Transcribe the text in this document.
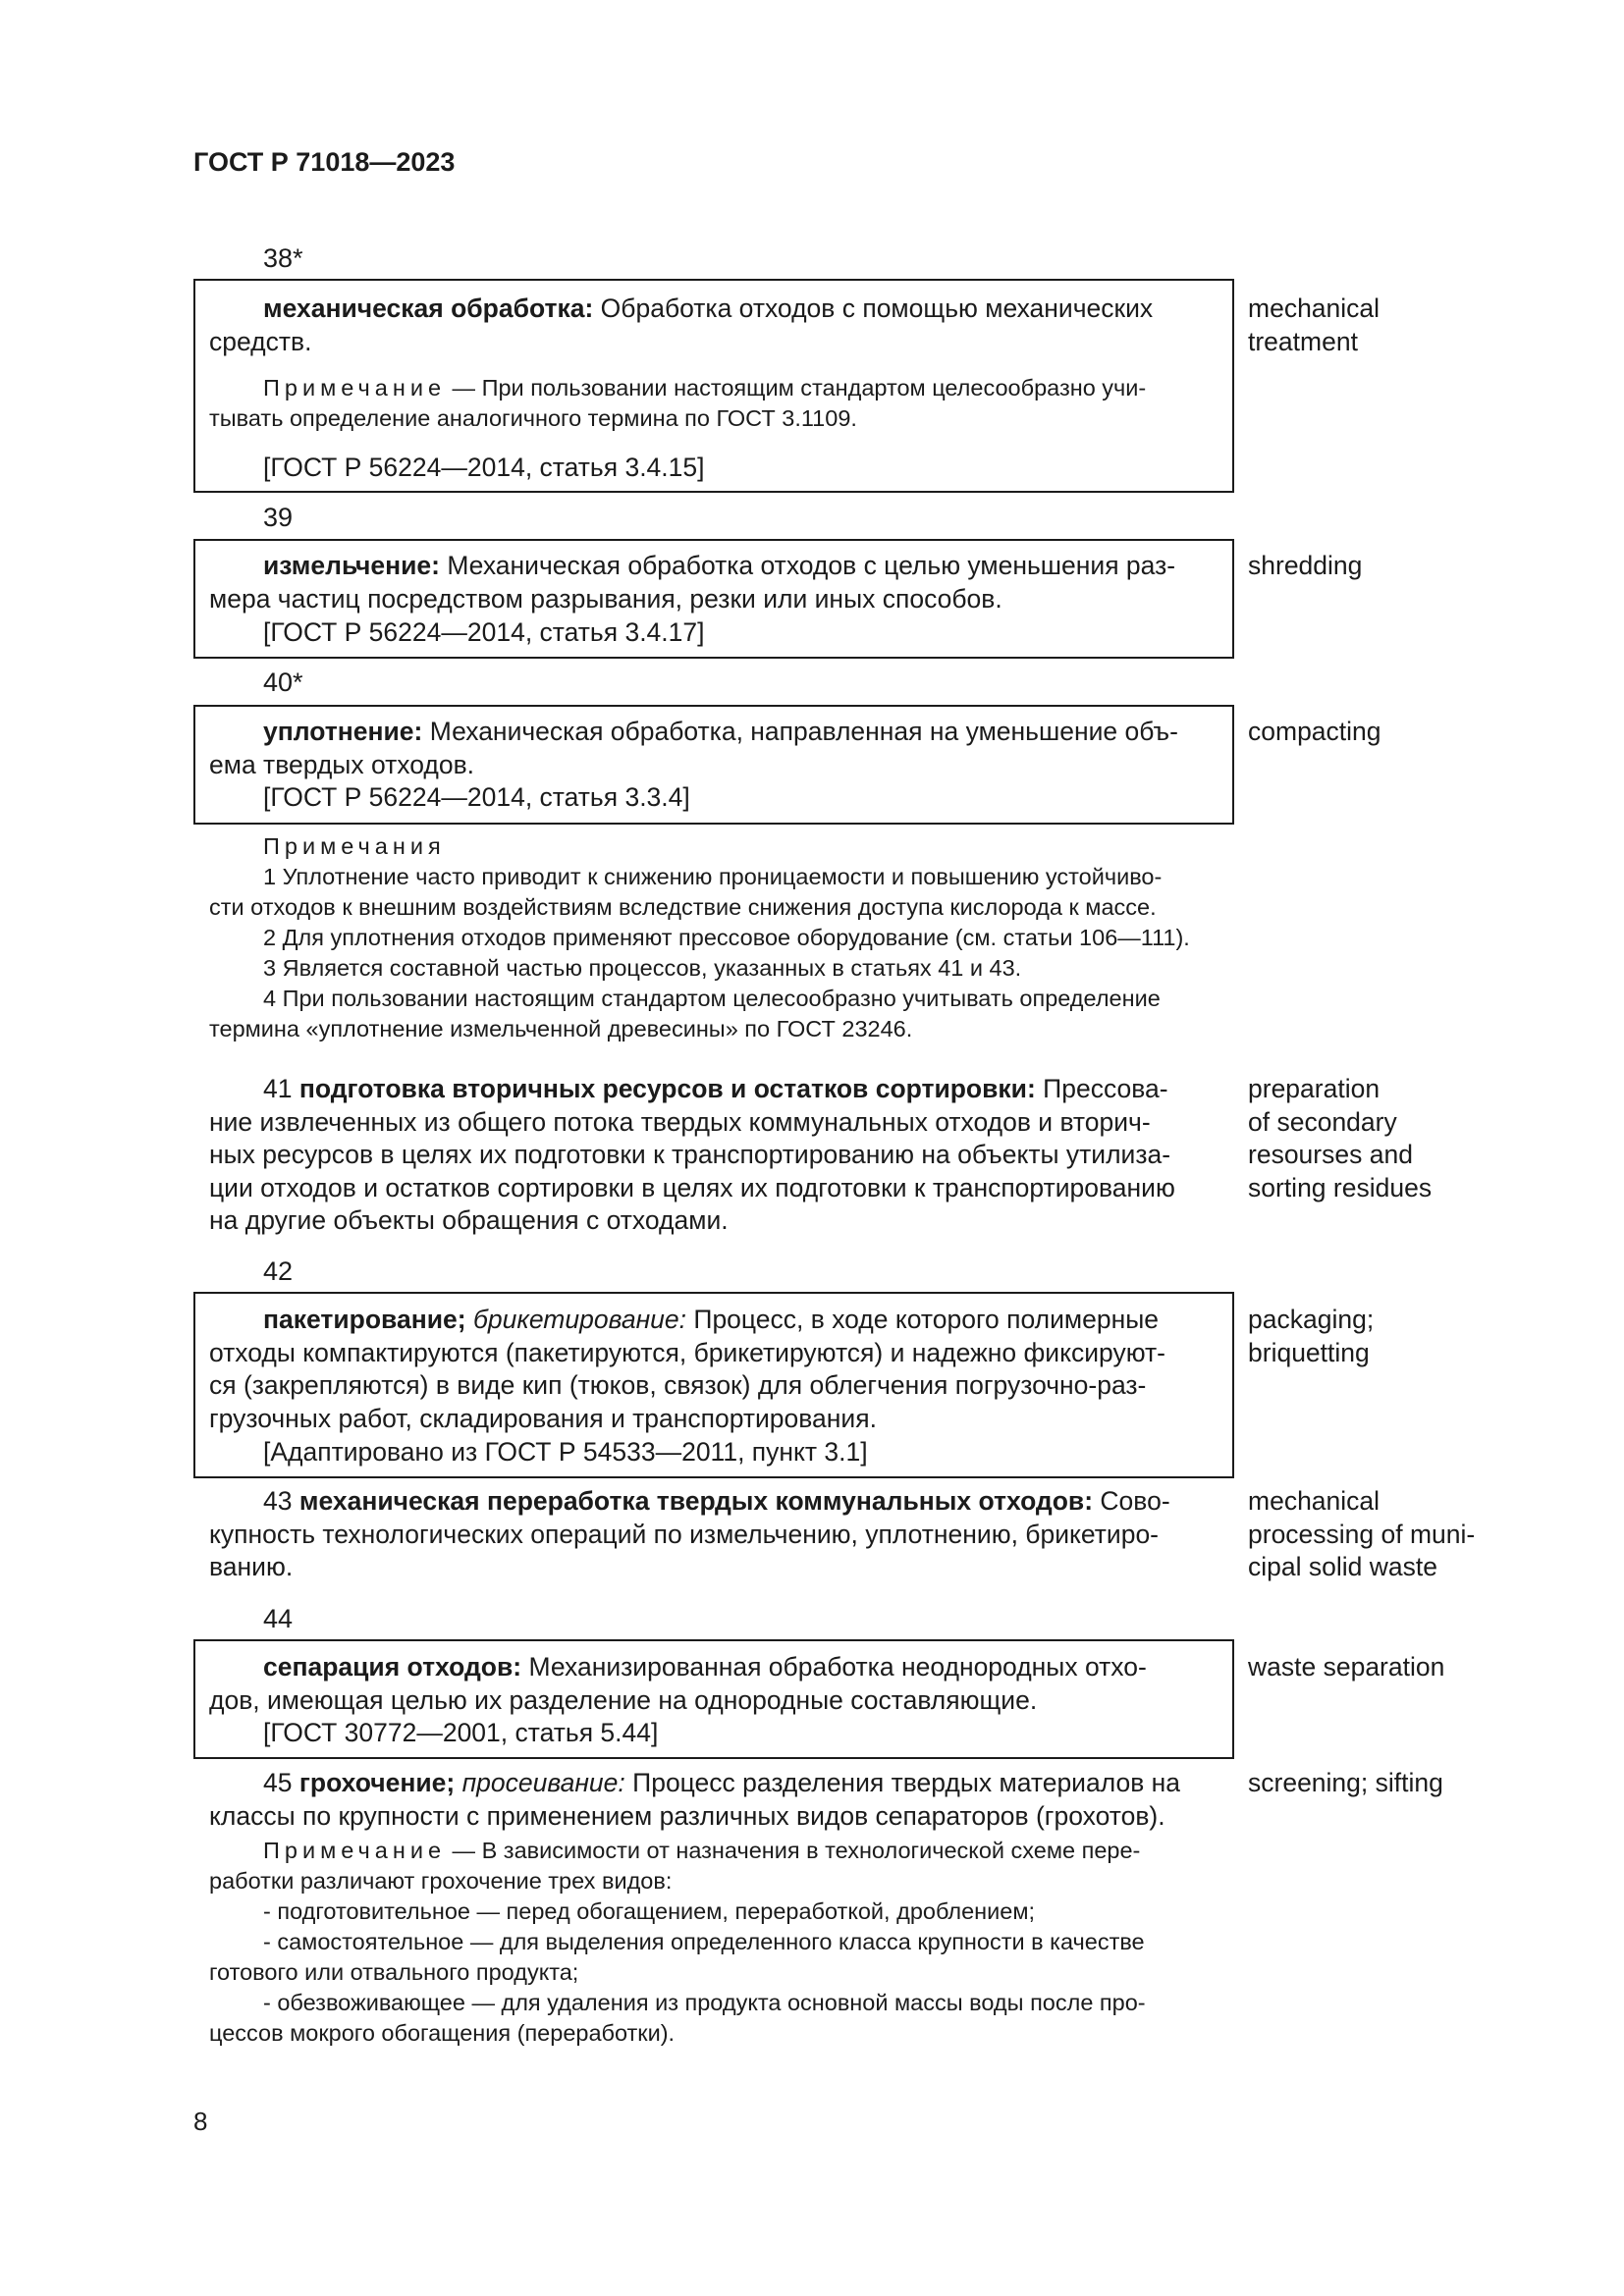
ГОСТ Р 71018—2023
38*
механическая обработка: Обработка отходов с помощью механических
средств.
Примечание — При пользовании настоящим стандартом целесообразно учи-
тывать определение аналогичного термина по ГОСТ 3.1109.
[ГОСТ Р 56224—2014, статья 3.4.15]
mechanical
treatment
39
измельчение: Механическая обработка отходов с целью уменьшения раз-
мера частиц посредством разрывания, резки или иных способов.
[ГОСТ Р 56224—2014, статья 3.4.17]
shredding
40*
уплотнение: Механическая обработка, направленная на уменьшение объ-
ема твердых отходов.
[ГОСТ Р 56224—2014, статья 3.3.4]
compacting
Примечания
1 Уплотнение часто приводит к снижению проницаемости и повышению устойчиво-
сти отходов к внешним воздействиям вследствие снижения доступа кислорода к массе.
2 Для уплотнения отходов применяют прессовое оборудование (см. статьи 106—111).
3 Является составной частью процессов, указанных в статьях 41 и 43.
4 При пользовании настоящим стандартом целесообразно учитывать определение
термина «уплотнение измельченной древесины» по ГОСТ 23246.
41 подготовка вторичных ресурсов и остатков сортировки: Прессова-
ние извлеченных из общего потока твердых коммунальных отходов и вторич-
ных ресурсов в целях их подготовки к транспортированию на объекты утилиза-
ции отходов и остатков сортировки в целях их подготовки к транспортированию
на другие объекты обращения с отходами.
preparation
of secondary
resourses and
sorting residues
42
пакетирование; брикетирование: Процесс, в ходе которого полимерные
отходы компактируются (пакетируются, брикетируются) и надежно фиксируют-
ся (закрепляются) в виде кип (тюков, связок) для облегчения погрузочно-раз-
грузочных работ, складирования и транспортирования.
[Адаптировано из ГОСТ Р 54533—2011, пункт 3.1]
packaging;
briquetting
43 механическая переработка твердых коммунальных отходов: Сово-
купность технологических операций по измельчению, уплотнению, брикетиро-
ванию.
mechanical
processing of muni-
cipal solid waste
44
сепарация отходов: Механизированная обработка неоднородных отхо-
дов, имеющая целью их разделение на однородные составляющие.
[ГОСТ 30772—2001, статья 5.44]
waste separation
45 грохочение; просеивание: Процесс разделения твердых материалов на
классы по крупности с применением различных видов сепараторов (грохотов).
screening; sifting
Примечание — В зависимости от назначения в технологической схеме пере-
работки различают грохочение трех видов:
- подготовительное — перед обогащением, переработкой, дроблением;
- самостоятельное — для выделения определенного класса крупности в качестве
готового или отвального продукта;
- обезвоживающее — для удаления из продукта основной массы воды после про-
цессов мокрого обогащения (переработки).
8
